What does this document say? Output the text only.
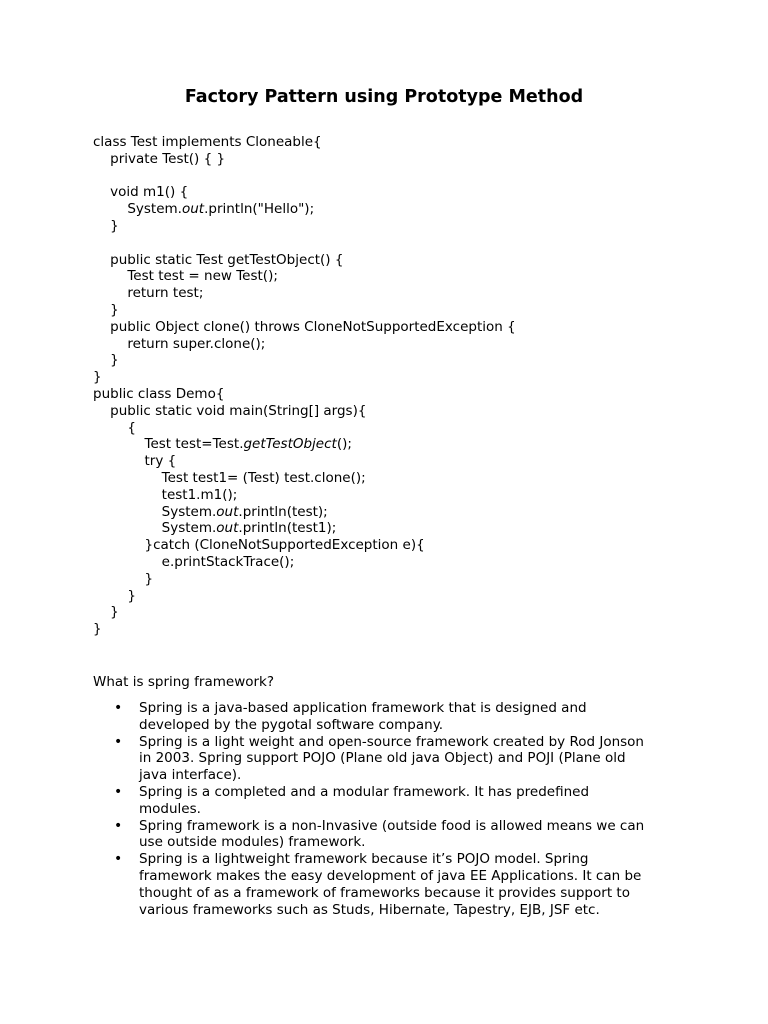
Factory Pattern using Prototype Method
class Test implements Cloneable{
private Test() { }
void m1() {
System.out.println("Hello");
}
public static Test getTestObject() {
Test test = new Test();
return test;
}
public Object clone() throws CloneNotSupportedException {
return super.clone();
}
}
public class Demo{
public static void main(String[] args){
{
Test test=Test.getTestObject();
try {
Test test1= (Test) test.clone();
test1.m1();
System.out.println(test);
System.out.println(test1);
}catch (CloneNotSupportedException e){
e.printStackTrace();
}
}
}
}
What is spring framework?
• Spring is a java-based application framework that is designed and
developed by the pygotal software company.
• Spring is a light weight and open-source framework created by Rod Jonson
in 2003. Spring support POJO (Plane old java Object) and POJI (Plane old
java interface).
• Spring is a completed and a modular framework. It has predefined
modules.
• Spring framework is a non-Invasive (outside food is allowed means we can
use outside modules) framework.
• Spring is a lightweight framework because it’s POJO model. Spring
framework makes the easy development of java EE Applications. It can be
thought of as a framework of frameworks because it provides support to
various frameworks such as Studs, Hibernate, Tapestry, EJB, JSF etc.
